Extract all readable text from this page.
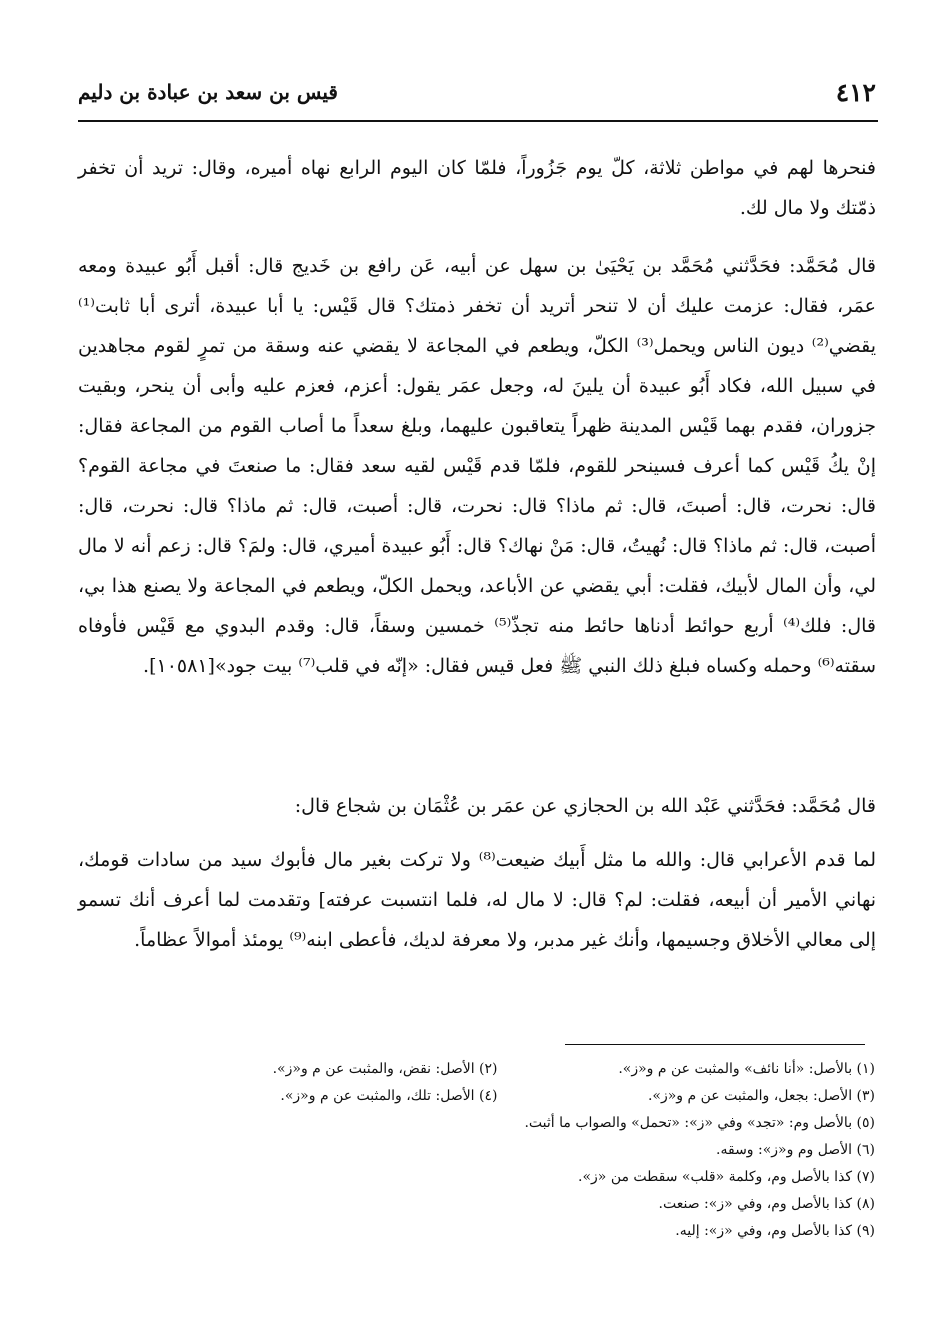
٤١٢
قيس بن سعد بن عبادة بن دليم

فنحرها لهم في مواطن ثلاثة، كلّ يوم جَزُوراً، فلمّا كان اليوم الرابع نهاه أميره، وقال: تريد أن تخفر ذمّتك ولا مال لك.

قال مُحَمَّد: فحَدَّثني مُحَمَّد بن يَحْيَىٰ بن سهل عن أبيه، عَن رافع بن خَديج قال: أقبل أَبُو عبيدة ومعه عمَر، فقال: عزمت عليك أن لا تنحر أتريد أن تخفر ذمتك؟ قال قَيْس: يا أبا عبيدة، أترى أبا ثابت⁽¹⁾ يقضي⁽²⁾ ديون الناس ويحمل⁽³⁾ الكلّ، ويطعم في المجاعة لا يقضي عنه وسقة من تمرٍ لقوم مجاهدين في سبيل الله، فكاد أَبُو عبيدة أن يلينَ له، وجعل عمَر يقول: أعزم، فعزم عليه وأبى أن ينحر، وبقيت جزوران، فقدم بهما قَيْس المدينة ظهراً يتعاقبون عليهما، وبلغ سعداً ما أصاب القوم من المجاعة فقال: إنْ يكُ قَيْس كما أعرف فسينحر للقوم، فلمّا قدم قَيْس لقيه سعد فقال: ما صنعتَ في مجاعة القوم؟ قال: نحرت، قال: أصبتَ، قال: ثم ماذا؟ قال: نحرت، قال: أصبت، قال: ثم ماذا؟ قال: نحرت، قال: أصبت، قال: ثم ماذا؟ قال: نُهيتُ، قال: مَنْ نهاك؟ قال: أَبُو عبيدة أميري، قال: ولمَ؟ قال: زعم أنه لا مال لي، وأن المال لأبيك، فقلت: أبي يقضي عن الأباعد، ويحمل الكلّ، ويطعم في المجاعة ولا يصنع هذا بي، قال: فلك⁽⁴⁾ أربع حوائط أدناها حائط منه تجذّ⁽⁵⁾ خمسين وسقاً، قال: وقدم البدوي مع قَيْس فأوفاه سقته⁽⁶⁾ وحمله وكساه فبلغ ذلك النبي ﷺ فعل قيس فقال: «إنّه في قلب⁽⁷⁾ بيت جود»[١٠٥٨١].

قال مُحَمَّد: فحَدَّثني عَبْد الله بن الحجازي عن عمَر بن عُثْمَان بن شجاع قال:

لما قدم الأعرابي قال: والله ما مثل أَبيك ضيعت⁽⁸⁾ ولا تركت بغير مال فأبوك سيد من سادات قومك، نهاني الأمير أن أبيعه، فقلت: لم؟ قال: لا مال له، فلما انتسبت عرفته] وتقدمت لما أعرف أنك تسمو إلى معالي الأخلاق وجسيمها، وأنك غير مدبر، ولا معرفة لديك، فأعطى ابنه⁽⁹⁾ يومئذ أموالاً عظاماً.

(١) بالأصل: «أنا نائف» والمثبت عن م و«ز».
(٢) الأصل: نقض، والمثبت عن م و«ز».
(٣) الأصل: بجعل، والمثبت عن م و«ز».
(٤) الأصل: تلك، والمثبت عن م و«ز».
(٥) بالأصل وم: «تجد» وفي «ز»: «تحمل» والصواب ما أثبت.
(٦) الأصل وم و«ز»: وسقه.
(٧) كذا بالأصل وم، وكلمة «قلب» سقطت من «ز».
(٨) كذا بالأصل وم، وفي «ز»: صنعت.
(٩) كذا بالأصل وم، وفي «ز»: إليه.
